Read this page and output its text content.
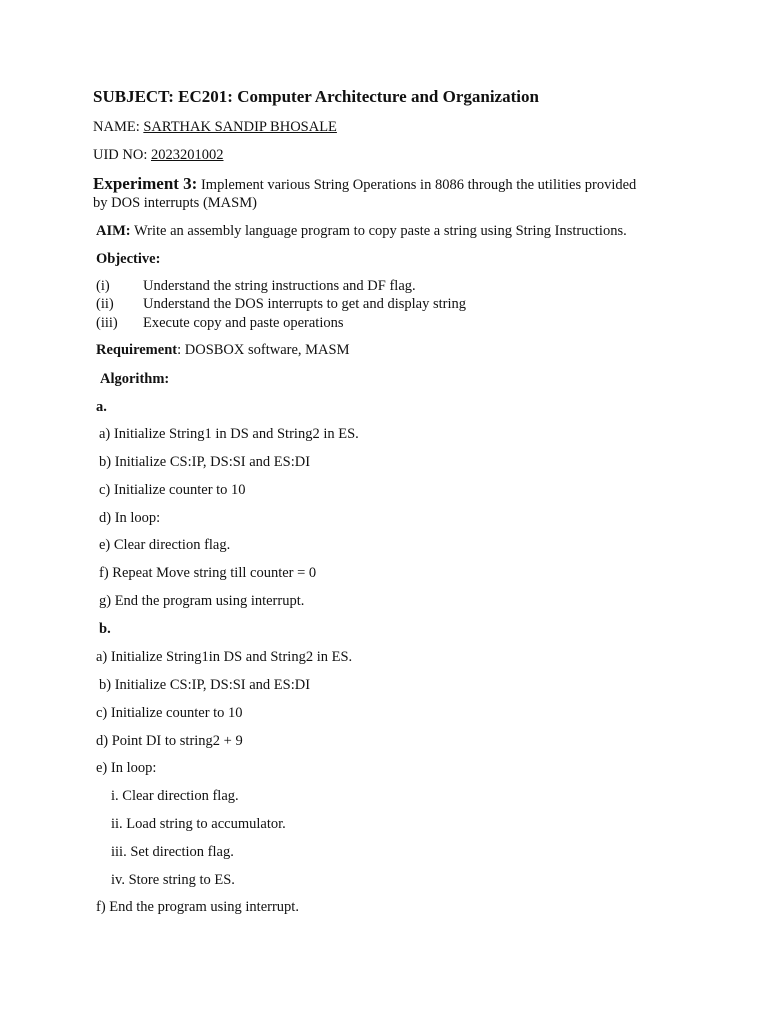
SUBJECT: EC201: Computer Architecture and Organization
NAME: SARTHAK SANDIP BHOSALE
UID NO: 2023201002
Experiment 3: Implement various String Operations in 8086 through the utilities provided
by DOS interrupts (MASM)
AIM: Write an assembly language program to copy paste a string using String Instructions.
Objective:
(i) Understand the string instructions and DF flag.
(ii) Understand the DOS interrupts to get and display string
(iii) Execute copy and paste operations
Requirement: DOSBOX software, MASM
Algorithm:
a.
a) Initialize String1 in DS and String2 in ES.
b) Initialize CS:IP, DS:SI and ES:DI
c) Initialize counter to 10
d) In loop:
e) Clear direction flag.
f) Repeat Move string till counter = 0
g) End the program using interrupt.
b.
a) Initialize String1in DS and String2 in ES.
b) Initialize CS:IP, DS:SI and ES:DI
c) Initialize counter to 10
d) Point DI to string2 + 9
e) In loop:
i. Clear direction flag.
ii. Load string to accumulator.
iii. Set direction flag.
iv. Store string to ES.
f) End the program using interrupt.
